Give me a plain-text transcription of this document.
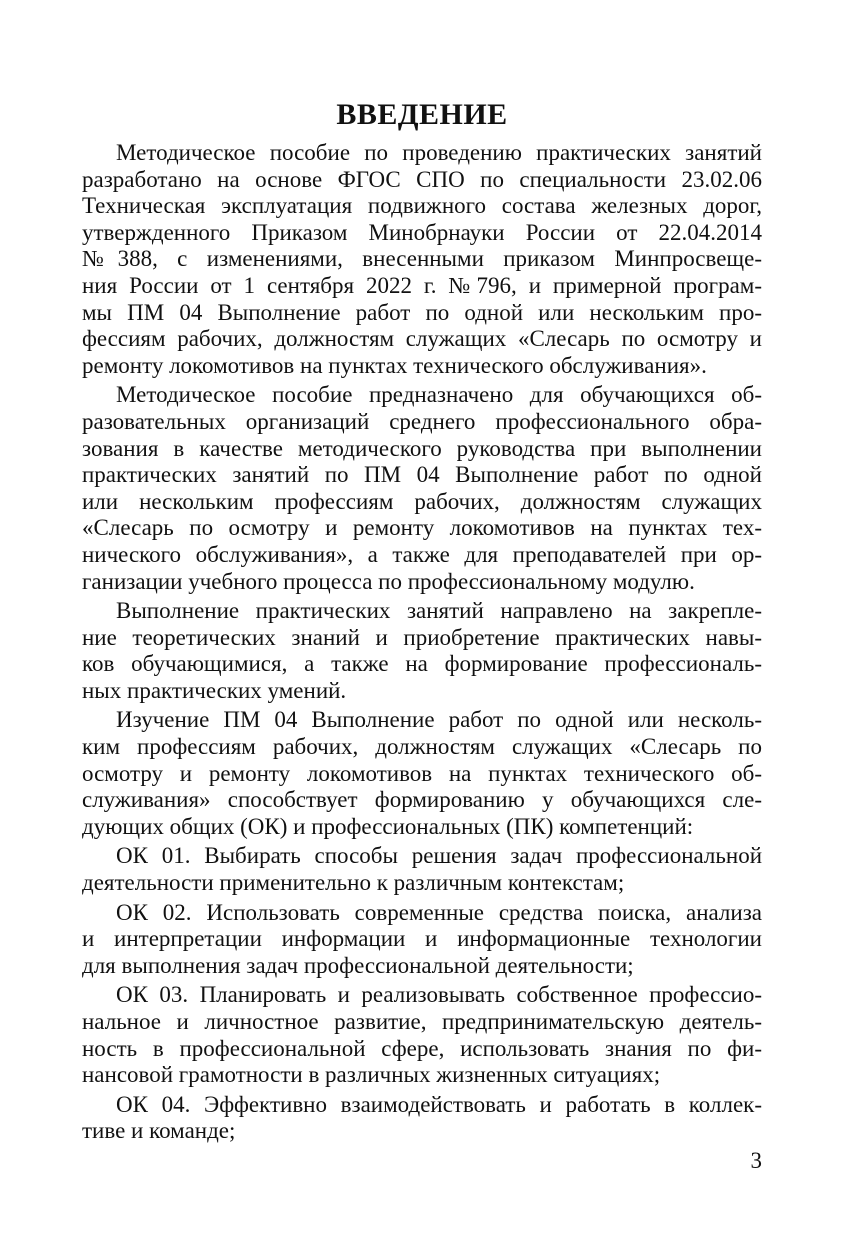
ВВЕДЕНИЕ

Методическое пособие по проведению практических занятий
разработано на основе ФГОС СПО по специальности 23.02.06
Техническая эксплуатация подвижного состава железных дорог,
утвержденного Приказом Минобрнауки России от 22.04.2014
№388, с изменениями, внесенными приказом Минпросвеще-
ния России от 1 сентября 2022 г. №796, и примерной програм-
мы ПМ 04 Выполнение работ по одной или нескольким про-
фессиям рабочих, должностям служащих «Слесарь по осмотру и
ремонту локомотивов на пунктах технического обслуживания».

Методическое пособие предназначено для обучающихся об-
разовательных организаций среднего профессионального обра-
зования в качестве методического руководства при выполнении
практических занятий по ПМ 04 Выполнение работ по одной
или нескольким профессиям рабочих, должностям служащих
«Слесарь по осмотру и ремонту локомотивов на пунктах тех-
нического обслуживания», а также для преподавателей при ор-
ганизации учебного процесса по профессиональному модулю.

Выполнение практических занятий направлено на закрепле-
ние теоретических знаний и приобретение практических навы-
ков обучающимися, а также на формирование профессиональ-
ных практических умений.

Изучение ПМ 04 Выполнение работ по одной или несколь-
ким профессиям рабочих, должностям служащих «Слесарь по
осмотру и ремонту локомотивов на пунктах технического об-
служивания» способствует формированию у обучающихся сле-
дующих общих (ОК) и профессиональных (ПК) компетенций:

ОК 01. Выбирать способы решения задач профессиональной
деятельности применительно к различным контекстам;

ОК 02. Использовать современные средства поиска, анализа
и интерпретации информации и информационные технологии
для выполнения задач профессиональной деятельности;

ОК 03. Планировать и реализовывать собственное профессио-
нальное и личностное развитие, предпринимательскую деятель-
ность в профессиональной сфере, использовать знания по фи-
нансовой грамотности в различных жизненных ситуациях;

ОК 04. Эффективно взаимодействовать и работать в коллек-
тиве и команде;

3
